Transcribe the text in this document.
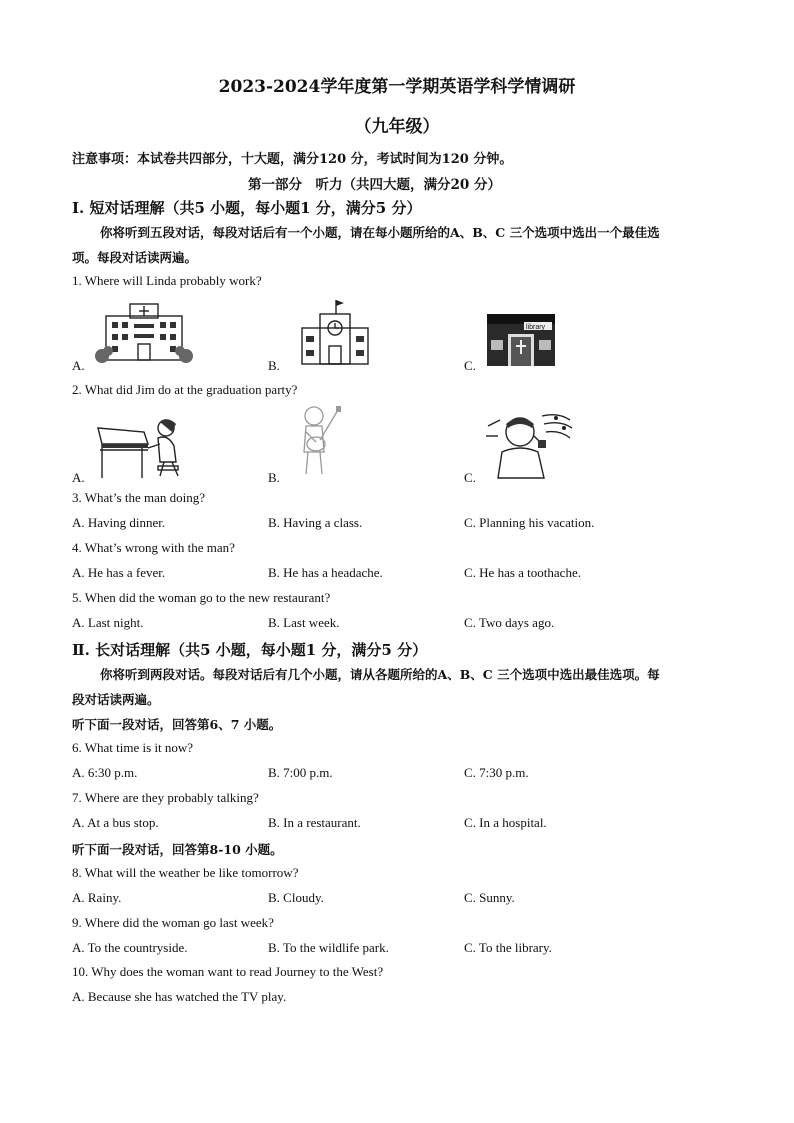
2023-2024学年度第一学期英语学科学情调研
（九年级）
注意事项：本试卷共四部分，十大题，满分120 分，考试时间为120 分钟。
第一部分　听力（共四大题，满分20 分）
Ⅰ. 短对话理解（共5 小题，每小题1 分，满分5 分）
你将听到五段对话，每段对话后有一个小题，请在每小题所给的A、B、C 三个选项中选出一个最佳选
项。每段对话读两遍。
1. Where will Linda probably work?
A.	B.
library
C.
2. What did Jim do at the graduation party?
A.	B.	C.
3. What’s the man doing?
A. Having dinner.	B. Having a class.	C. Planning his vacation.
4. What’s wrong with the man?
A. He has a fever.	B. He has a headache.	C. He has a toothache.
5. When did the woman go to the new restaurant?
A. Last night.	B. Last week.	C. Two days ago.
Ⅱ. 长对话理解（共5 小题，每小题1 分，满分5 分）
你将听到两段对话。每段对话后有几个小题，请从各题所给的A、B、C 三个选项中选出最佳选项。每
段对话读两遍。
听下面一段对话，回答第6、7 小题。
6. What time is it now?
A. 6:30 p.m.	B. 7:00 p.m.	C. 7:30 p.m.
7. Where are they probably talking?
A. At a bus stop.	B. In a restaurant.	C. In a hospital.
听下面一段对话，回答第8-10 小题。
8. What will the weather be like tomorrow?
A. Rainy.	B. Cloudy.	C. Sunny.
9. Where did the woman go last week?
A. To the countryside.	B. To the wildlife park.	C. To the library.
10. Why does the woman want to read Journey to the West?
A. Because she has watched the TV play.
